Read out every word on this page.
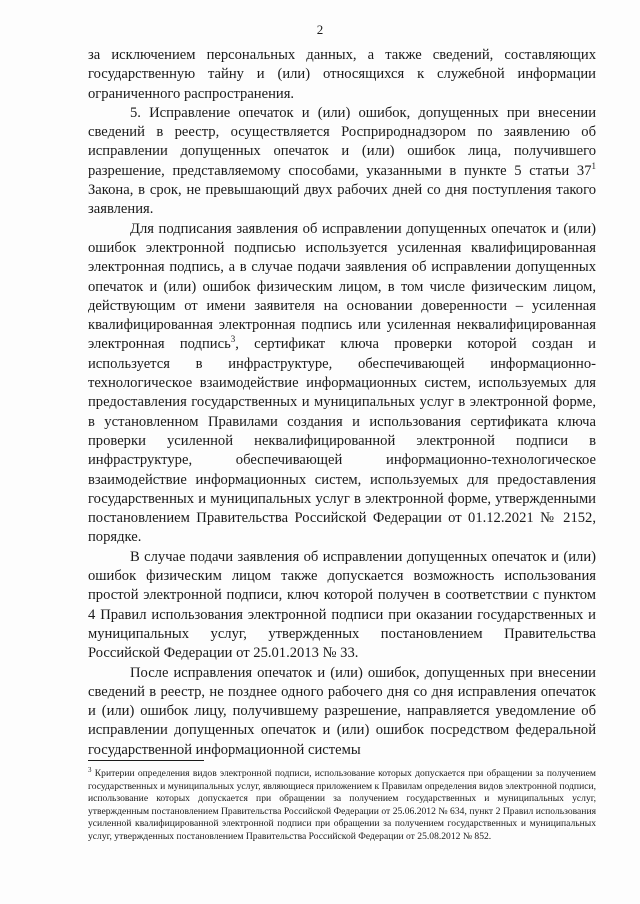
2

за исключением персональных данных, а также сведений, составляющих государственную тайну и (или) относящихся к служебной информации ограниченного распространения.

5. Исправление опечаток и (или) ошибок, допущенных при внесении сведений в реестр, осуществляется Росприроднадзором по заявлению об исправлении допущенных опечаток и (или) ошибок лица, получившего разрешение, представляемому способами, указанными в пункте 5 статьи $37^1$ Закона, в срок, не превышающий двух рабочих дней со дня поступления такого заявления.

Для подписания заявления об исправлении допущенных опечаток и (или) ошибок электронной подписью используется усиленная квалифицированная электронная подпись, а в случае подачи заявления об исправлении допущенных опечаток и (или) ошибок физическим лицом, в том числе физическим лицом, действующим от имени заявителя на основании доверенности – усиленная квалифицированная электронная подпись или усиленная неквалифицированная электронная подпись$^3$, сертификат ключа проверки которой создан и используется в инфраструктуре, обеспечивающей информационно-технологическое взаимодействие информационных систем, используемых для предоставления государственных и муниципальных услуг в электронной форме, в установленном Правилами создания и использования сертификата ключа проверки усиленной неквалифицированной электронной подписи в инфраструктуре, обеспечивающей информационно-технологическое взаимодействие информационных систем, используемых для предоставления государственных и муниципальных услуг в электронной форме, утвержденными постановлением Правительства Российской Федерации от 01.12.2021 № 2152, порядке.

В случае подачи заявления об исправлении допущенных опечаток и (или) ошибок физическим лицом также допускается возможность использования простой электронной подписи, ключ которой получен в соответствии с пунктом 4 Правил использования электронной подписи при оказании государственных и муниципальных услуг, утвержденных постановлением Правительства Российской Федерации от 25.01.2013 № 33.

После исправления опечаток и (или) ошибок, допущенных при внесении сведений в реестр, не позднее одного рабочего дня со дня исправления опечаток и (или) ошибок лицу, получившему разрешение, направляется уведомление об исправлении допущенных опечаток и (или) ошибок посредством федеральной государственной информационной системы

$^3$ Критерии определения видов электронной подписи, использование которых допускается при обращении за получением государственных и муниципальных услуг, являющиеся приложением к Правилам определения видов электронной подписи, использование которых допускается при обращении за получением государственных и муниципальных услуг, утвержденным постановлением Правительства Российской Федерации от 25.06.2012 № 634, пункт 2 Правил использования усиленной квалифицированной электронной подписи при обращении за получением государственных и муниципальных услуг, утвержденных постановлением Правительства Российской Федерации от 25.08.2012 № 852.
